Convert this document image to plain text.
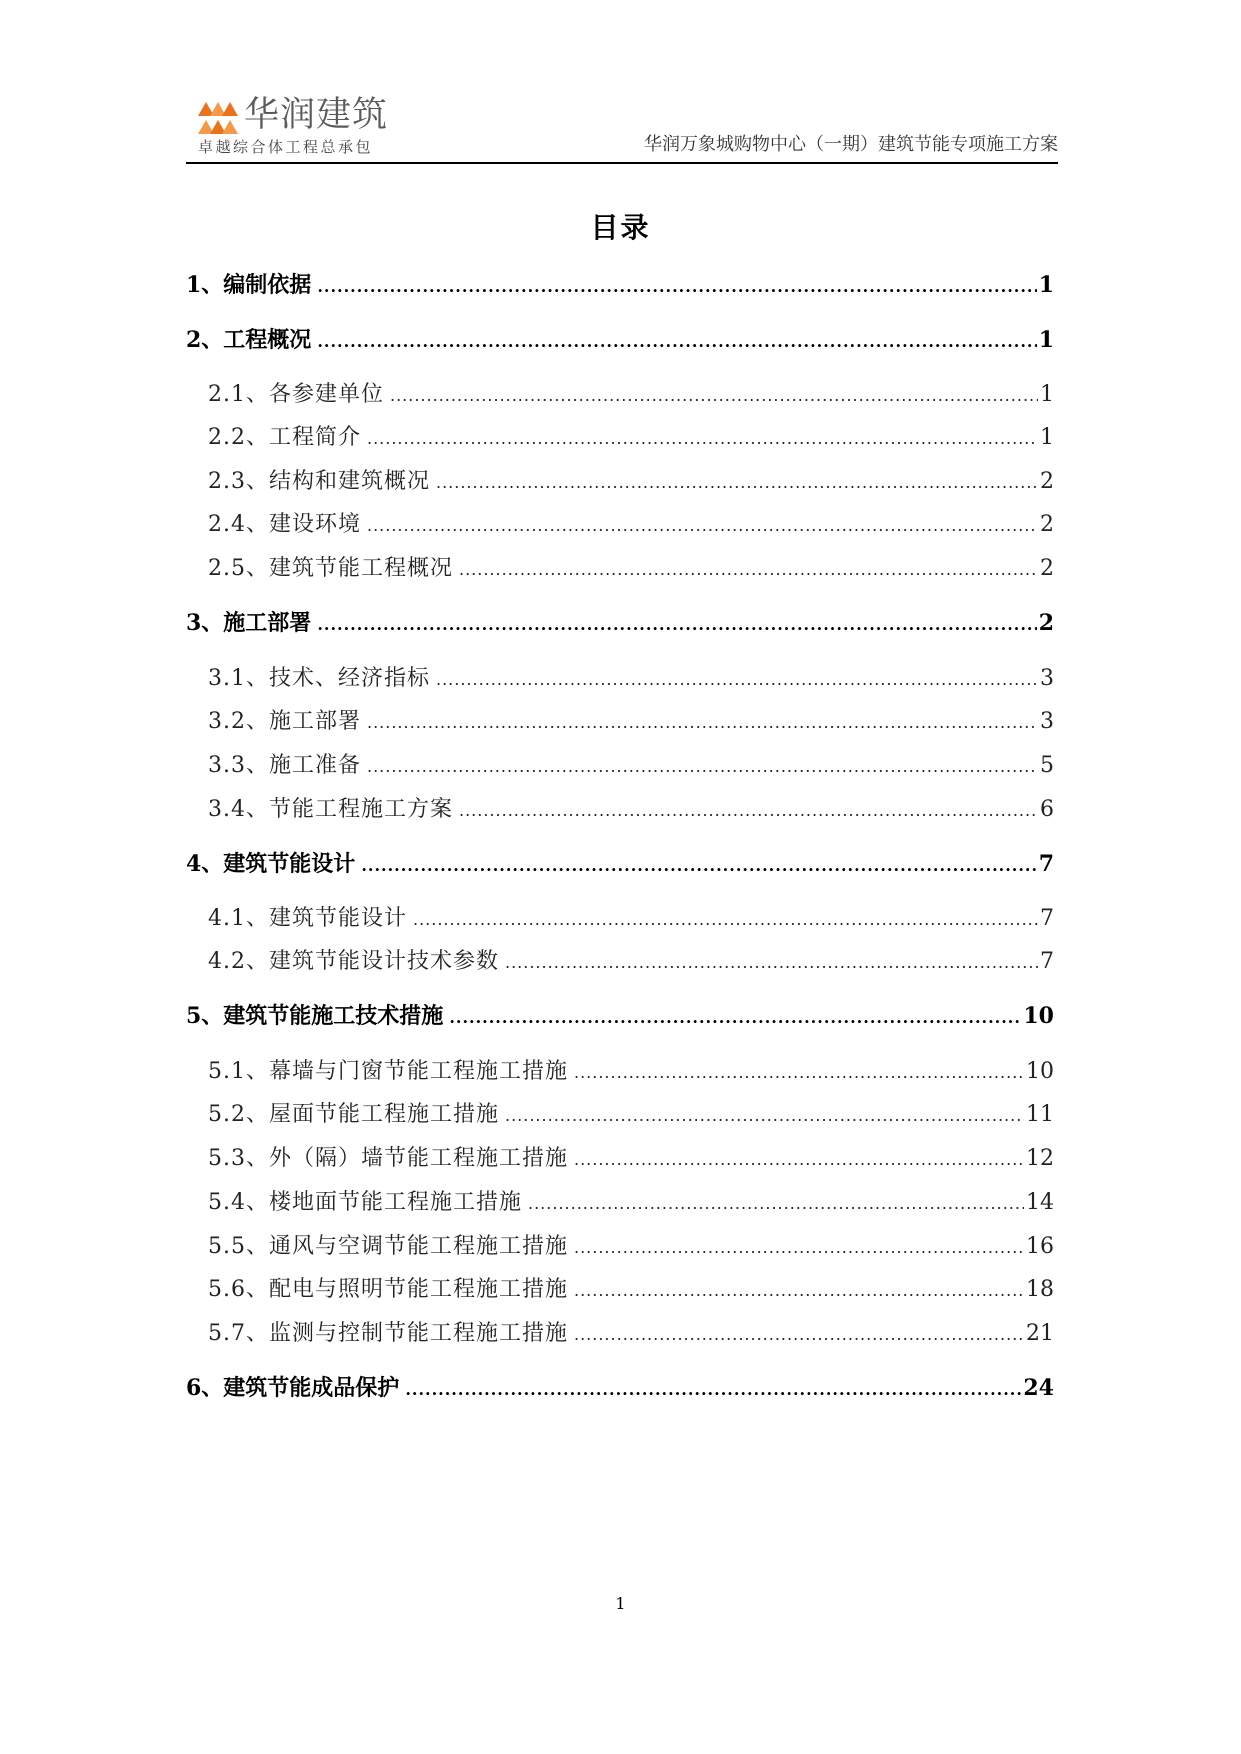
华润建筑
卓越综合体工程总承包	华润万象城购物中心（一期）建筑节能专项施工方案
目录
1、编制依据 .....	1
2、工程概况 .....	1
2.1、各参建单位 .....	1
2.2、工程简介 .....	1
2.3、结构和建筑概况 .....	2
2.4、建设环境 .....	2
2.5、建筑节能工程概况 .....	2
3、施工部署 .....	2
3.1、技术、经济指标 .....	3
3.2、施工部署 .....	3
3.3、施工准备 .....	5
3.4、节能工程施工方案 .....	6
4、建筑节能设计 .....	7
4.1、建筑节能设计 .....	7
4.2、建筑节能设计技术参数 .....	7
5、建筑节能施工技术措施 .....	10
5.1、幕墙与门窗节能工程施工措施 .....	10
5.2、屋面节能工程施工措施 .....	11
5.3、外（隔）墙节能工程施工措施 .....	12
5.4、楼地面节能工程施工措施 .....	14
5.5、通风与空调节能工程施工措施 .....	16
5.6、配电与照明节能工程施工措施 .....	18
5.7、监测与控制节能工程施工措施 .....	21
6、建筑节能成品保护 .....	24
1
